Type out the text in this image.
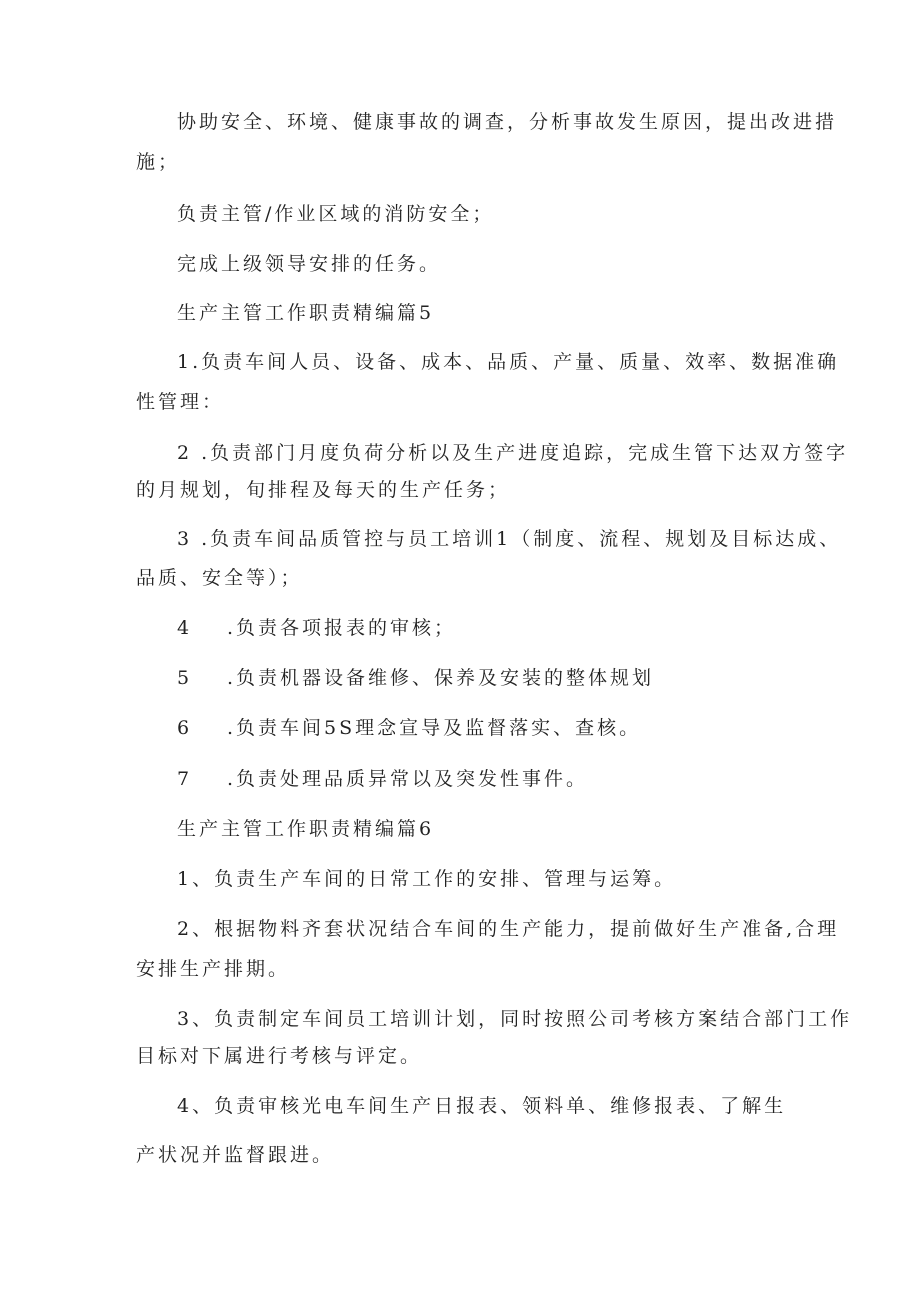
协助安全、环境、健康事故的调查，分析事故发生原因，提出改进措
施；
负责主管/作业区域的消防安全；
完成上级领导安排的任务。
生产主管工作职责精编篇5
1.负责车间人员、设备、成本、品质、产量、质量、效率、数据准确
性管理：
2 .负责部门月度负荷分析以及生产进度追踪，完成生管下达双方签字
的月规划，旬排程及每天的生产任务；
3 .负责车间品质管控与员工培训1（制度、流程、规划及目标达成、
品质、安全等）；
4 .负责各项报表的审核；
5 .负责机器设备维修、保养及安装的整体规划
6 .负责车间5S理念宣导及监督落实、查核。
7 .负责处理品质异常以及突发性事件。
生产主管工作职责精编篇6
1、负责生产车间的日常工作的安排、管理与运筹。
2、根据物料齐套状况结合车间的生产能力，提前做好生产准备,合理
安排生产排期。
3、负责制定车间员工培训计划，同时按照公司考核方案结合部门工作
目标对下属进行考核与评定。
4、负责审核光电车间生产日报表、领料单、维修报表、了解生
产状况并监督跟进。
